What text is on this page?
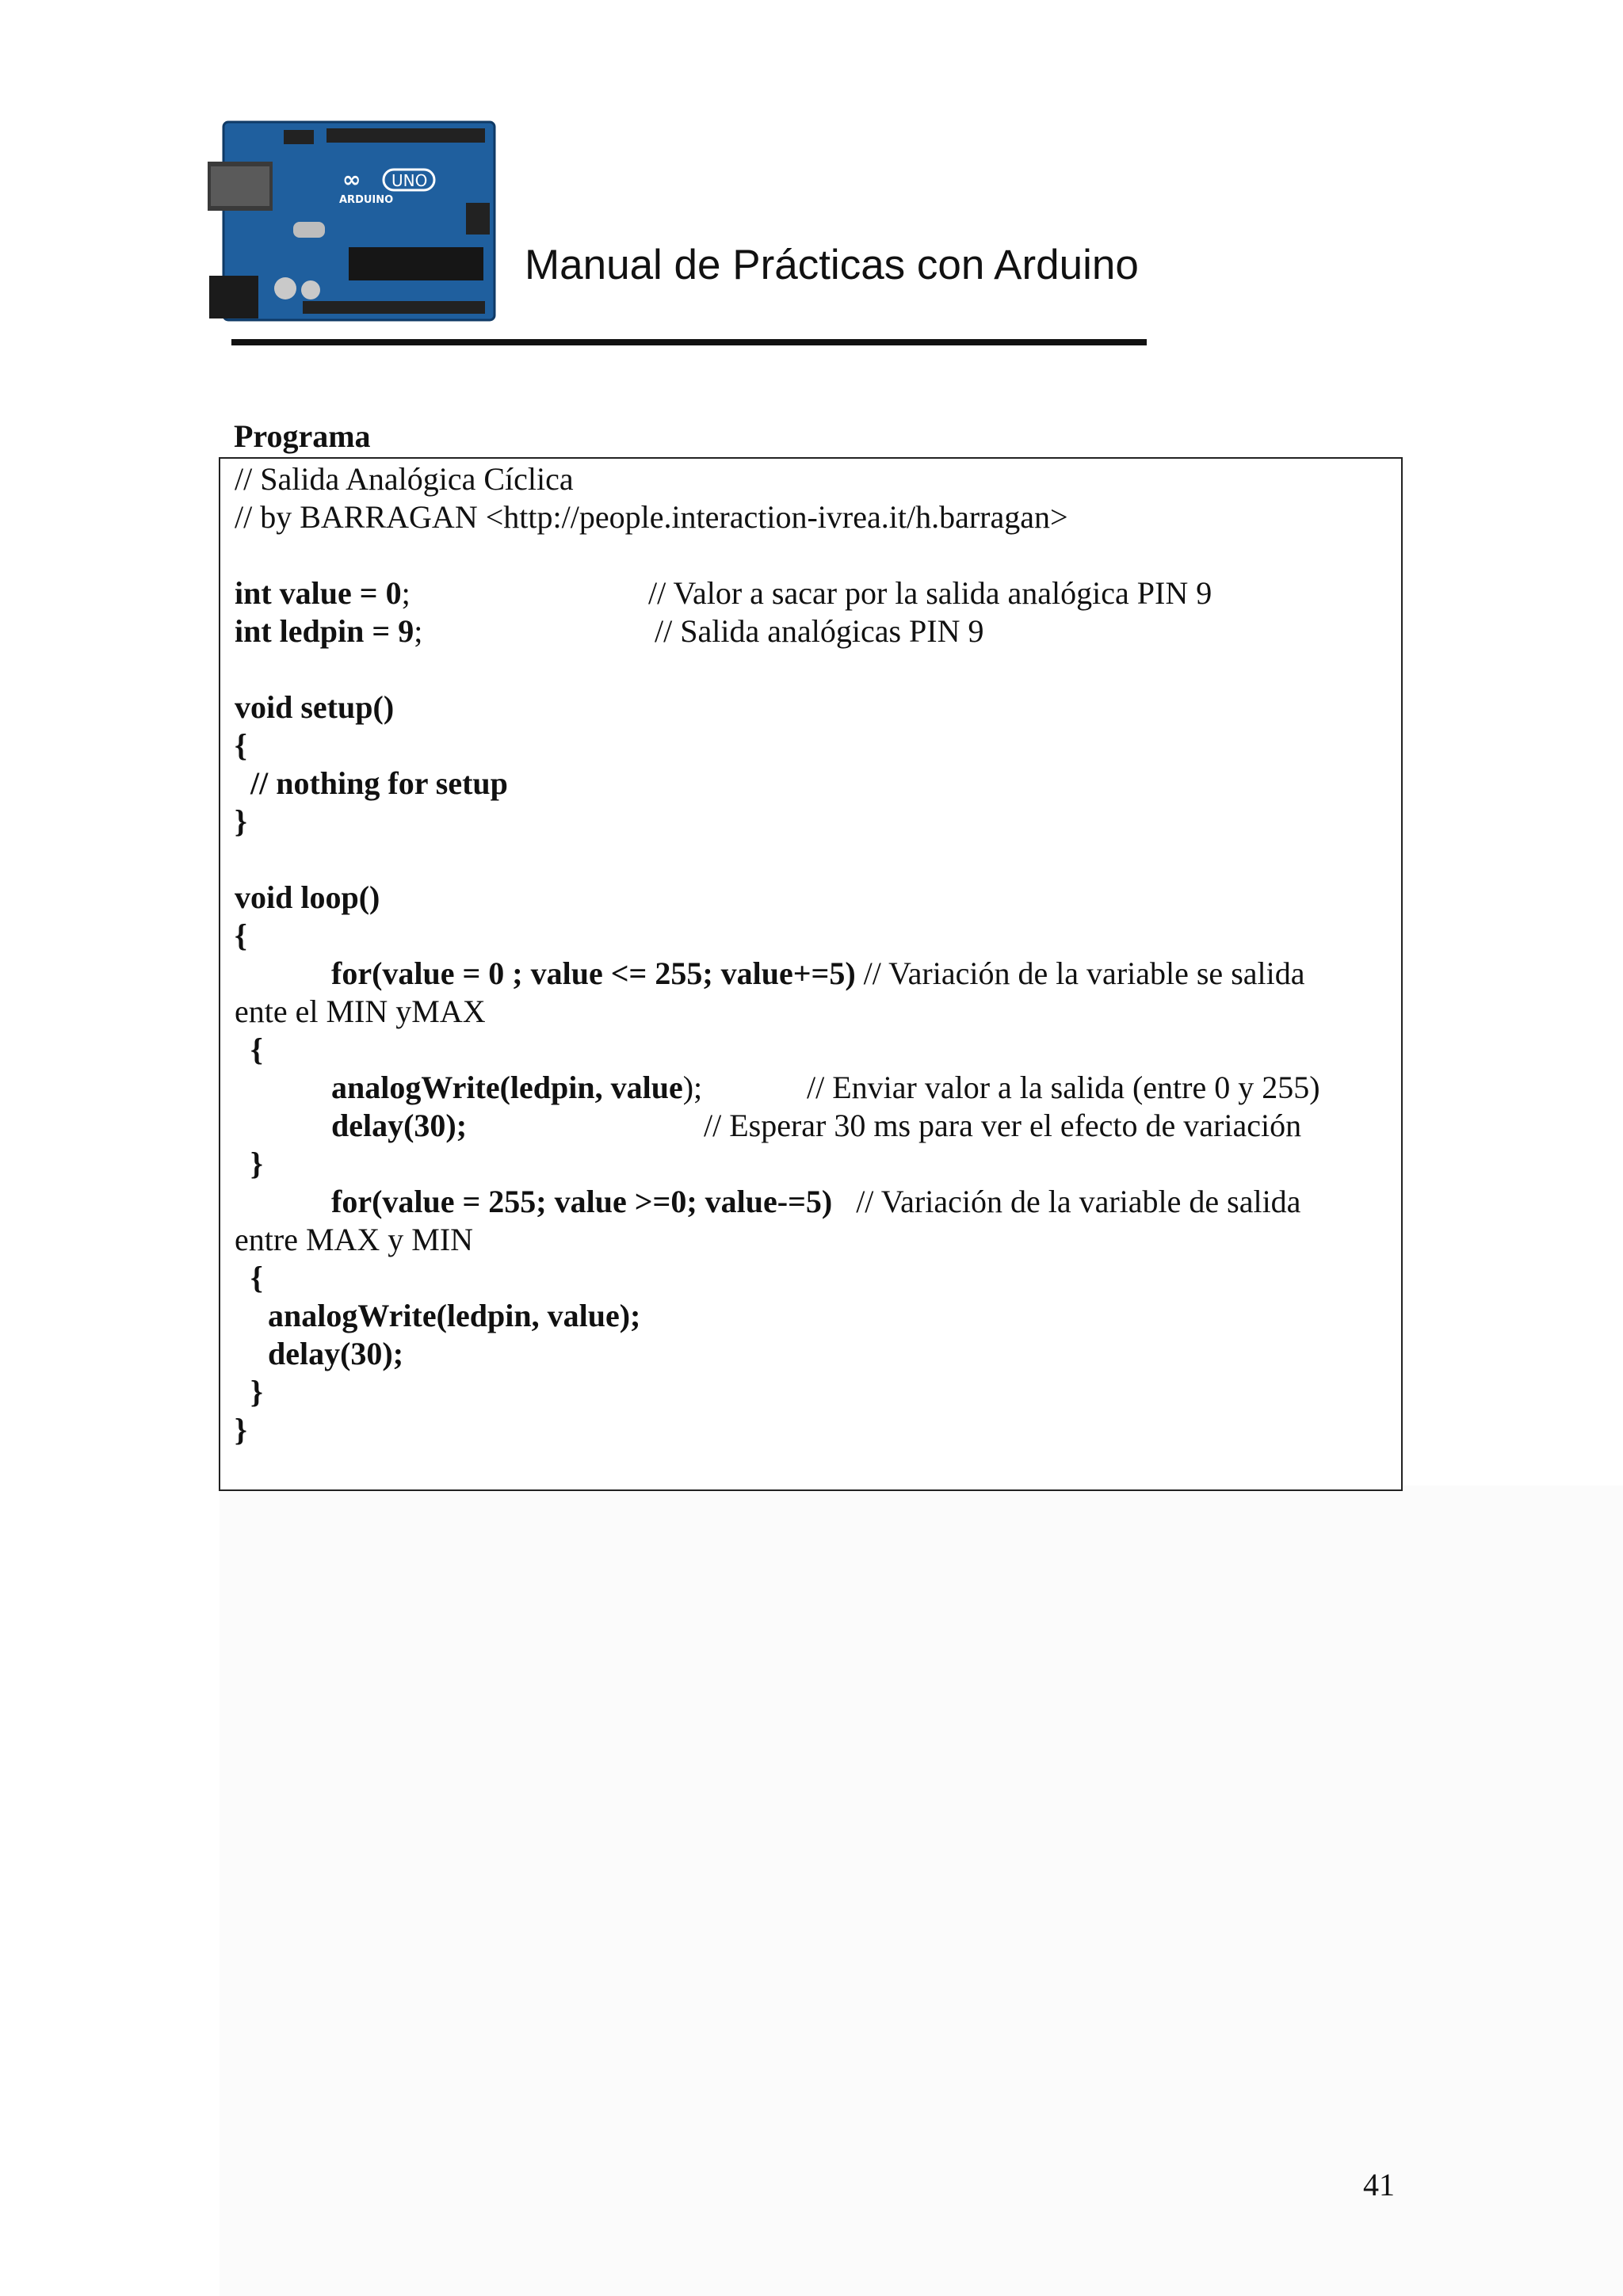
∞ UNO
ARDUINO
Manual de Prácticas con Arduino
Programa
// Salida Analógica Cíclica
// by BARRAGAN <http://people.interaction-ivrea.it/h.barragan>
int value = 0;	// Valor a sacar por la salida analógica PIN 9
int ledpin = 9;	// Salida analógicas PIN 9
void setup()
{
// nothing for setup
}
void loop()
{
for(value = 0 ; value <= 255; value+=5) // Variación de la variable se salida
ente el MIN yMAX
{
analogWrite(ledpin, value);	// Enviar valor a la salida (entre 0 y 255)
delay(30);	// Esperar 30 ms para ver el efecto de variación
}
for(value = 255; value >=0; value-=5) // Variación de la variable de salida
entre MAX y MIN
{
analogWrite(ledpin, value);
delay(30);
}
}
41
